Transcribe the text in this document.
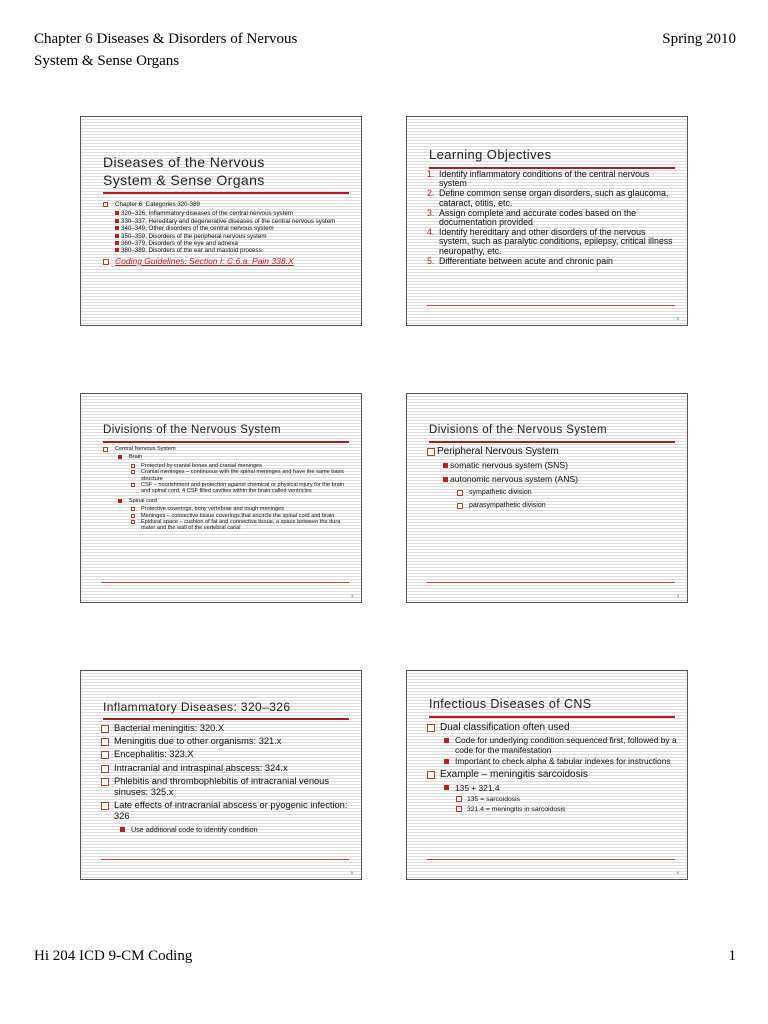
Chapter 6 Diseases & Disorders of Nervous
System & Sense Organs
Spring 2010
Diseases of the Nervous
System & Sense Organs
Chapter 6: Categories 320-389
320–326, Inflammatory diseases of the central nervous system
330–337, Hereditary and degenerative diseases of the central nervous system
340–349, Other disorders of the central nervous system
350–359, Disorders of the peripheral nervous system
360–379, Disorders of the eye and adnexa
380–389, Disorders of the ear and mastoid process
Coding Guidelines: Section I: C.6.a. Pain 338.X
Learning Objectives
1. Identify inflammatory conditions of the central nervous system
2. Define common sense organ disorders, such as glaucoma, cataract, otitis, etc.
3. Assign complete and accurate codes based on the documentation provided
4. Identify hereditary and other disorders of the nervous system, such as paralytic conditions, epilepsy, critical illness neuropathy, etc.
5. Differentiate between acute and chronic pain
2
Divisions of the Nervous System
Central Nervous System
Brain
Protected by cranial bones and cranial meninges
Cranial meninges – continuous with the spinal meninges and have the same basic structure
CSF – nourishment and protection against chemical or physical injury for the brain and spinal cord, 4 CSF filled cavities within the brain called ventricles
Spinal cord
Protective coverings, bony vertebrae and tough meninges
Meninges – connective tissue coverings that encircle the spinal cord and brain
Epidural space – cushion of fat and connective tissue, a space between the dura mater and the wall of the vertebral canal
3
Divisions of the Nervous System
Peripheral Nervous System
somatic nervous system (SNS)
autonomic nervous system (ANS)
sympathetic division
parasympathetic division
4
Inflammatory Diseases: 320–326
Bacterial meningitis: 320.X
Meningitis due to other organisms: 321.x
Encephalitis: 323.X
Intracranial and intraspinal abscess: 324.x
Phlebitis and thrombophlebitis of intracranial venous sinuses: 325.x
Late effects of intracranial abscess or pyogenic infection: 326
Use additional code to identify condition
5
Infectious Diseases of CNS
Dual classification often used
Code for underlying condition sequenced first, followed by a code for the manifestation
Important to check alpha & tabular indexes for instructions
Example – meningitis sarcoidosis
135 + 321.4
135 = sarcoidosis
321.4 = meningitis in sarcoidosis
6
Hi 204 ICD 9-CM Coding	1
